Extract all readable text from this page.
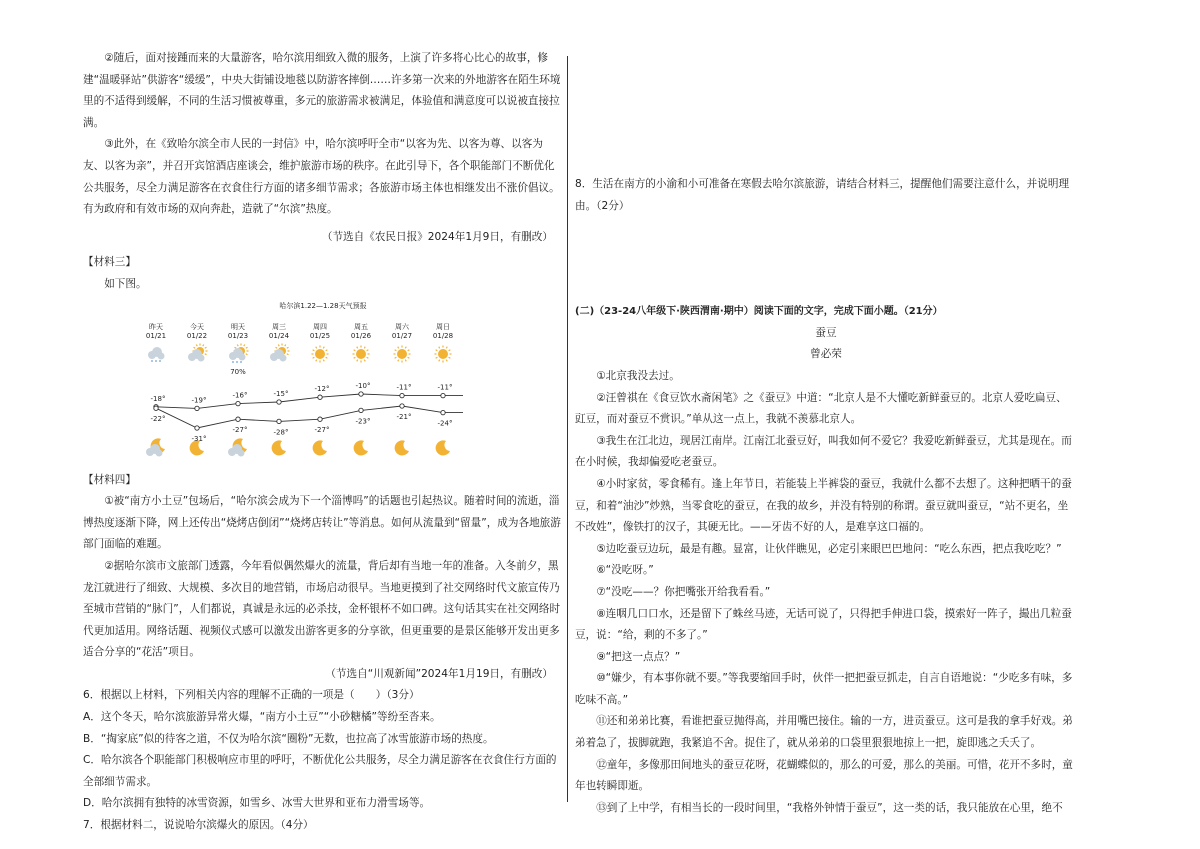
②随后，面对接踵而来的大量游客，哈尔滨用细致入微的服务，上演了许多将心比心的故事，修建“温暖驿站”供游客“缓缓”，中央大街铺设地毯以防游客摔倒……许多第一次来的外地游客在陌生环境里的不适得到缓解，不同的生活习惯被尊重，多元的旅游需求被满足，体验值和满意度可以说被直接拉满。

③此外，在《致哈尔滨全市人民的一封信》中，哈尔滨呼吁全市“以客为先、以客为尊、以客为友、以客为亲”，并召开宾馆酒店座谈会，维护旅游市场的秩序。在此引导下，各个职能部门不断优化公共服务，尽全力满足游客在衣食住行方面的诸多细节需求；各旅游市场主体也相继发出不涨价倡议。有为政府和有效市场的双向奔赴，造就了“尔滨”热度。

（节选自《农民日报》2024年1月9日，有删改）

【材料三】

如下图。

哈尔滨1.22—1.28天气预报
昨天
01/21
今天
01/22
明天
01/23
70%
周三
01/24
周四
01/25
周五
01/26
周六
01/27
周日
01/28
-18°	-19°
-16°	-15°
-12°	-10°	-11°	-11°
-22°
-31°
-27°	-28°	-27°
-23°
-21°
-24°

【材料四】

①被“南方小土豆”包场后，“哈尔滨会成为下一个淄博吗”的话题也引起热议。随着时间的流逝，淄博热度逐渐下降，网上还传出“烧烤店倒闭”“烧烤店转让”等消息。如何从流量到“留量”，成为各地旅游部门面临的难题。

②据哈尔滨市文旅部门透露，今年看似偶然爆火的流量，背后却有当地一年的准备。入冬前夕，黑龙江就进行了细致、大规模、多次目的地营销，市场启动很早。当地更摸到了社交网络时代文旅宣传乃至城市营销的“脉门”，人们都说，真诚是永远的必杀技，金杯银杯不如口碑。这句话其实在社交网络时代更加适用。网络话题、视频仪式感可以激发出游客更多的分享欲，但更重要的是景区能够开发出更多适合分享的“花活”项目。

（节选自“川观新闻”2024年1月19日，有删改）

6．根据以上材料，下列相关内容的理解不正确的一项是（　　）（3分）

A．这个冬天，哈尔滨旅游异常火爆，“南方小土豆”“小砂糖橘”等纷至沓来。

B．“掏家底”似的待客之道，不仅为哈尔滨“圈粉”无数，也拉高了冰雪旅游市场的热度。

C．哈尔滨各个职能部门积极响应市里的呼吁，不断优化公共服务，尽全力满足游客在衣食住行方面的全部细节需求。

D．哈尔滨拥有独特的冰雪资源，如雪乡、冰雪大世界和亚布力滑雪场等。

7．根据材料二，说说哈尔滨爆火的原因。（4分）

8．生活在南方的小渝和小可准备在寒假去哈尔滨旅游，请结合材料三，提醒他们需要注意什么，并说明理由。（2分）

(二)（23-24八年级下·陕西渭南·期中）阅读下面的文字，完成下面小题。（21分）

蚕豆

曾必荣

①北京我没去过。

②汪曾祺在《食豆饮水斋闲笔》之《蚕豆》中道：“北京人是不大懂吃新鲜蚕豆的。北京人爱吃扁豆、豇豆，而对蚕豆不赏识。”单从这一点上，我就不羡慕北京人。

③我生在江北边，现居江南岸。江南江北蚕豆好，叫我如何不爱它？我爱吃新鲜蚕豆，尤其是现在。而在小时候，我却偏爱吃老蚕豆。

④小时家贫，零食稀有。逢上年节日，若能装上半裤袋的蚕豆，我就什么都不去想了。这种把晒干的蚕豆，和着“油沙”炒熟，当零食吃的蚕豆，在我的故乡，并没有特别的称谓。蚕豆就叫蚕豆，“站不更名，坐不改姓”，像铁打的汉子，其硬无比。——牙齿不好的人，是难享这口福的。

⑤边吃蚕豆边玩，最是有趣。显富，让伙伴瞧见，必定引来眼巴巴地问：“吃么东西，把点我吃吃？”

⑥“没吃呀。”

⑦“没吃——？你把嘴张开给我看看。”

⑧连咽几口口水，还是留下了蛛丝马迹，无话可说了，只得把手伸进口袋，摸索好一阵子，撮出几粒蚕豆，说：“给，剩的不多了。”

⑨“把这一点点？”

⑩“嫌少，有本事你就不要。”等我要缩回手时，伙伴一把把蚕豆抓走，自言自语地说：“少吃多有味，多吃味不高。”

⑪还和弟弟比赛，看谁把蚕豆抛得高，并用嘴巴接住。输的一方，进贡蚕豆。这可是我的拿手好戏。弟弟着急了，拔脚就跑，我紧追不舍。捉住了，就从弟弟的口袋里狠狠地掠上一把，旋即逃之夭夭了。

⑫童年，多像那田间地头的蚕豆花呀，花蝴蝶似的，那么的可爱，那么的美丽。可惜，花开不多时，童年也转瞬即逝。

⑬到了上中学，有相当长的一段时间里，“我格外钟情于蚕豆”，这一类的话，我只能放在心里，绝不
